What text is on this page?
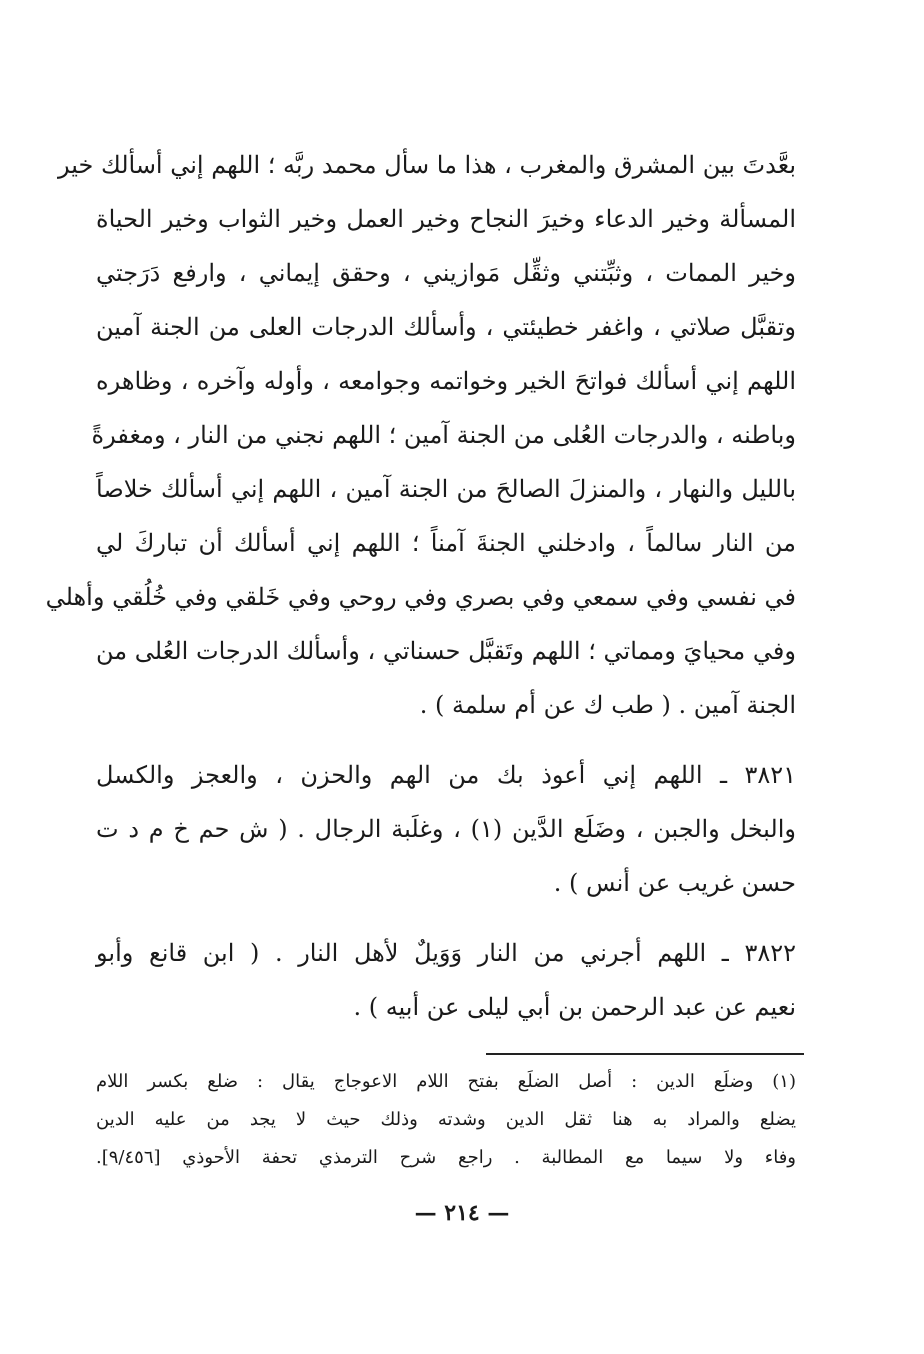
بعَّدتَ بين المشرق والمغرب ، هذا ما سأل محمد ربَّه ؛ اللهم إني أسألك خير
المسألة وخير الدعاء وخيرَ النجاح وخير العمل وخير الثواب وخير الحياة
وخير الممات ، وثبِّتني وثقِّل مَوازيني ، وحقق إيماني ، وارفع دَرَجتي
وتقبَّل صلاتي ، واغفر خطيئتي ، وأسألك الدرجات العلى من الجنة آمين
اللهم إني أسألك فواتحَ الخير وخواتمه وجوامعه ، وأوله وآخره ، وظاهره
وباطنه ، والدرجات العُلى من الجنة آمين ؛ اللهم نجني من النار ، ومغفرةً
بالليل والنهار ، والمنزلَ الصالحَ من الجنة آمين ، اللهم إني أسألك خلاصاً
من النار سالماً ، وادخلني الجنةَ آمناً ؛ اللهم إني أسألك أن تباركَ لي
في نفسي وفي سمعي وفي بصري وفي روحي وفي خَلقي وفي خُلُقي وأهلي
وفي محيايَ ومماتي ؛ اللهم وتَقبَّل حسناتي ، وأسألك الدرجات العُلى من
الجنة آمين . ( طب ك عن أم سلمة ) .
٣٨٢١ ـ اللهم إني أعوذ بك من الهم والحزن ، والعجز والكسل
والبخل والجبن ، وضَلَع الدَّين (١) ، وغلَبة الرجال . ( ش حم خ م د ت
حسن غريب عن أنس ) .
٣٨٢٢ ـ اللهم أجرني من النار وَوَيلٌ لأهل النار . ( ابن قانع وأبو
نعيم عن عبد الرحمن بن أبي ليلى عن أبيه ) .
(١) وضلَع الدين : أصل الضلَع بفتح اللام الاعوجاج يقال : ضلع بكسر اللام
يضلع والمراد به هنا ثقل الدين وشدته وذلك حيث لا يجد من عليه الدين
وفاء ولا سيما مع المطالبة . راجع شرح الترمذي تحفة الأحوذي [٩/٤٥٦].
— ٢١٤ —
